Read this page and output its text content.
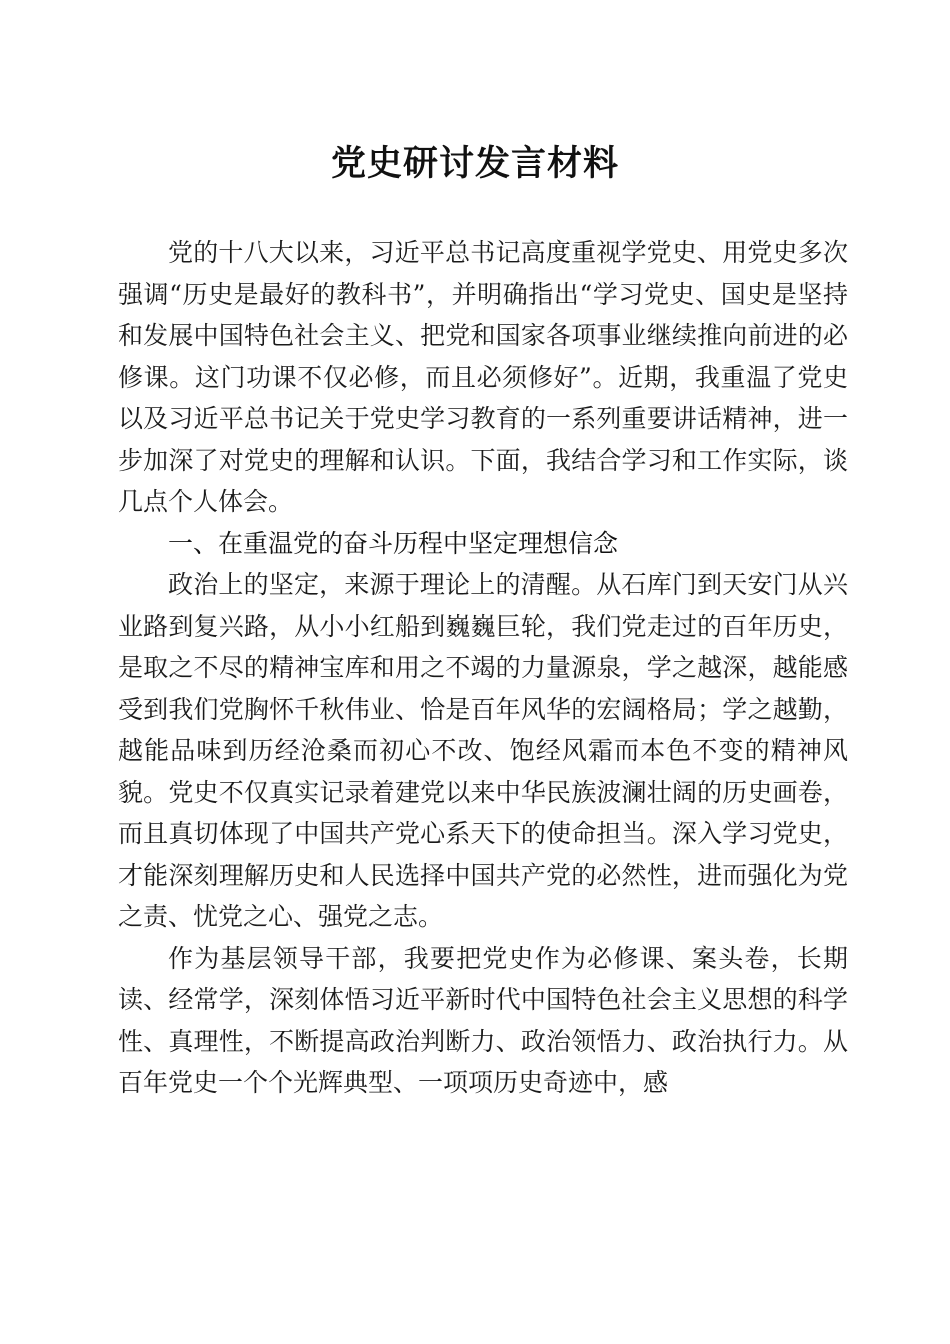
党史研讨发言材料

党的十八大以来，习近平总书记高度重视学党史、用党史多次强调“历史是最好的教科书”，并明确指出“学习党史、国史是坚持和发展中国特色社会主义、把党和国家各项事业继续推向前进的必修课。这门功课不仅必修，而且必须修好”。近期，我重温了党史以及习近平总书记关于党史学习教育的一系列重要讲话精神，进一步加深了对党史的理解和认识。下面，我结合学习和工作实际，谈几点个人体会。

一、在重温党的奋斗历程中坚定理想信念

政治上的坚定，来源于理论上的清醒。从石库门到天安门从兴业路到复兴路，从小小红船到巍巍巨轮，我们党走过的百年历史，是取之不尽的精神宝库和用之不竭的力量源泉，学之越深，越能感受到我们党胸怀千秋伟业、恰是百年风华的宏阔格局；学之越勤，越能品味到历经沧桑而初心不改、饱经风霜而本色不变的精神风貌。党史不仅真实记录着建党以来中华民族波澜壮阔的历史画卷，而且真切体现了中国共产党心系天下的使命担当。深入学习党史，才能深刻理解历史和人民选择中国共产党的必然性，进而强化为党之责、忧党之心、强党之志。

作为基层领导干部，我要把党史作为必修课、案头卷，长期读、经常学，深刻体悟习近平新时代中国特色社会主义思想的科学性、真理性，不断提高政治判断力、政治领悟力、政治执行力。从百年党史一个个光辉典型、一项项历史奇迹中，感
